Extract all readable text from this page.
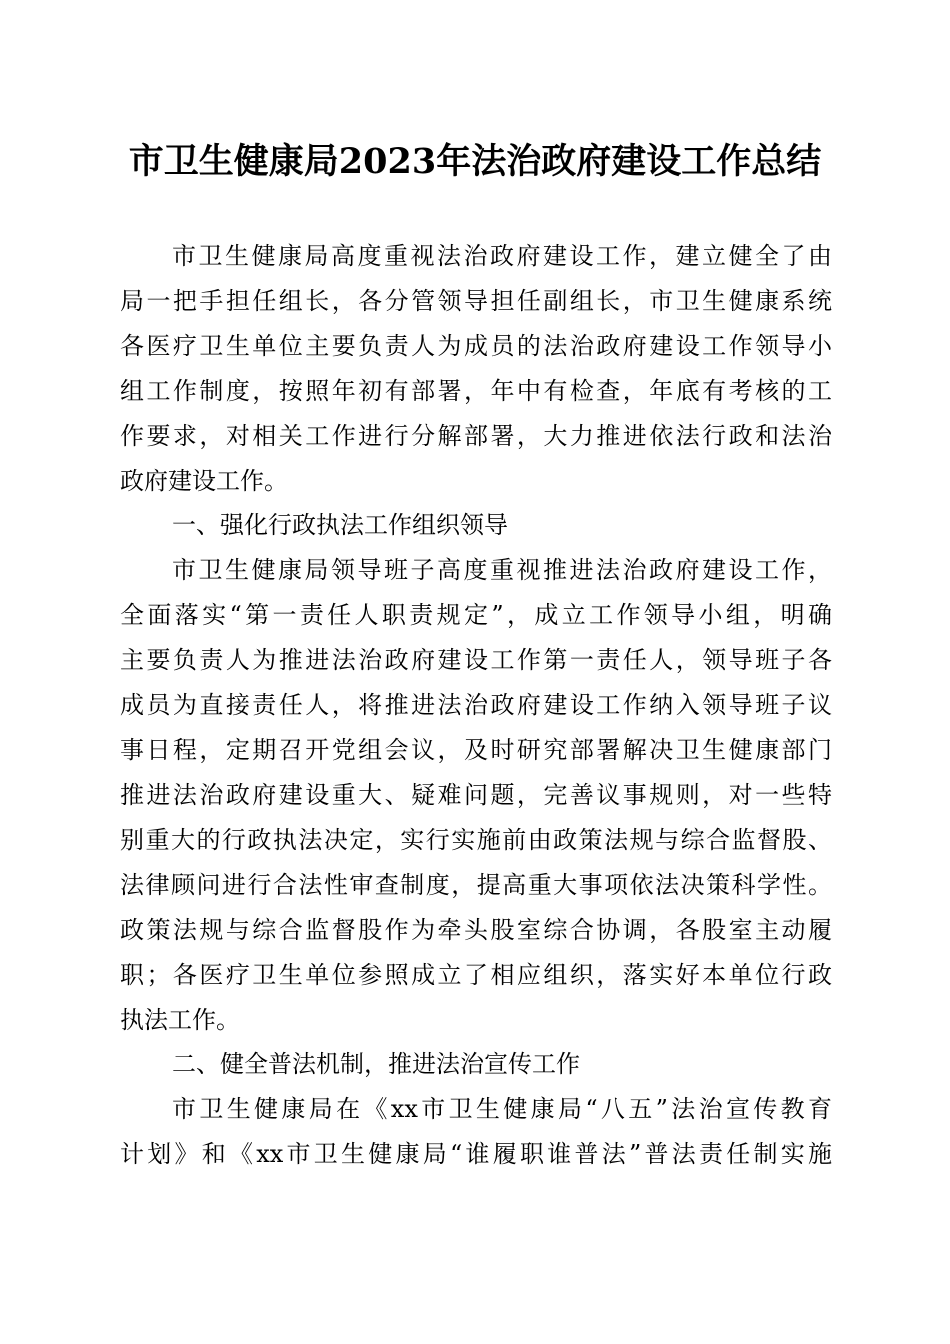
市卫生健康局2023年法治政府建设工作总结
市卫生健康局高度重视法治政府建设工作，建立健全了由
局一把手担任组长，各分管领导担任副组长，市卫生健康系统
各医疗卫生单位主要负责人为成员的法治政府建设工作领导小
组工作制度，按照年初有部署，年中有检查，年底有考核的工
作要求，对相关工作进行分解部署，大力推进依法行政和法治
政府建设工作。
一、强化行政执法工作组织领导
市卫生健康局领导班子高度重视推进法治政府建设工作，
全面落实“第一责任人职责规定”，成立工作领导小组，明确
主要负责人为推进法治政府建设工作第一责任人，领导班子各
成员为直接责任人，将推进法治政府建设工作纳入领导班子议
事日程，定期召开党组会议，及时研究部署解决卫生健康部门
推进法治政府建设重大、疑难问题，完善议事规则，对一些特
别重大的行政执法决定，实行实施前由政策法规与综合监督股、
法律顾问进行合法性审查制度，提高重大事项依法决策科学性。
政策法规与综合监督股作为牵头股室综合协调，各股室主动履
职；各医疗卫生单位参照成立了相应组织，落实好本单位行政
执法工作。
二、健全普法机制，推进法治宣传工作
市卫生健康局在《xx市卫生健康局“八五”法治宣传教育
计划》和《xx市卫生健康局“谁履职谁普法”普法责任制实施
